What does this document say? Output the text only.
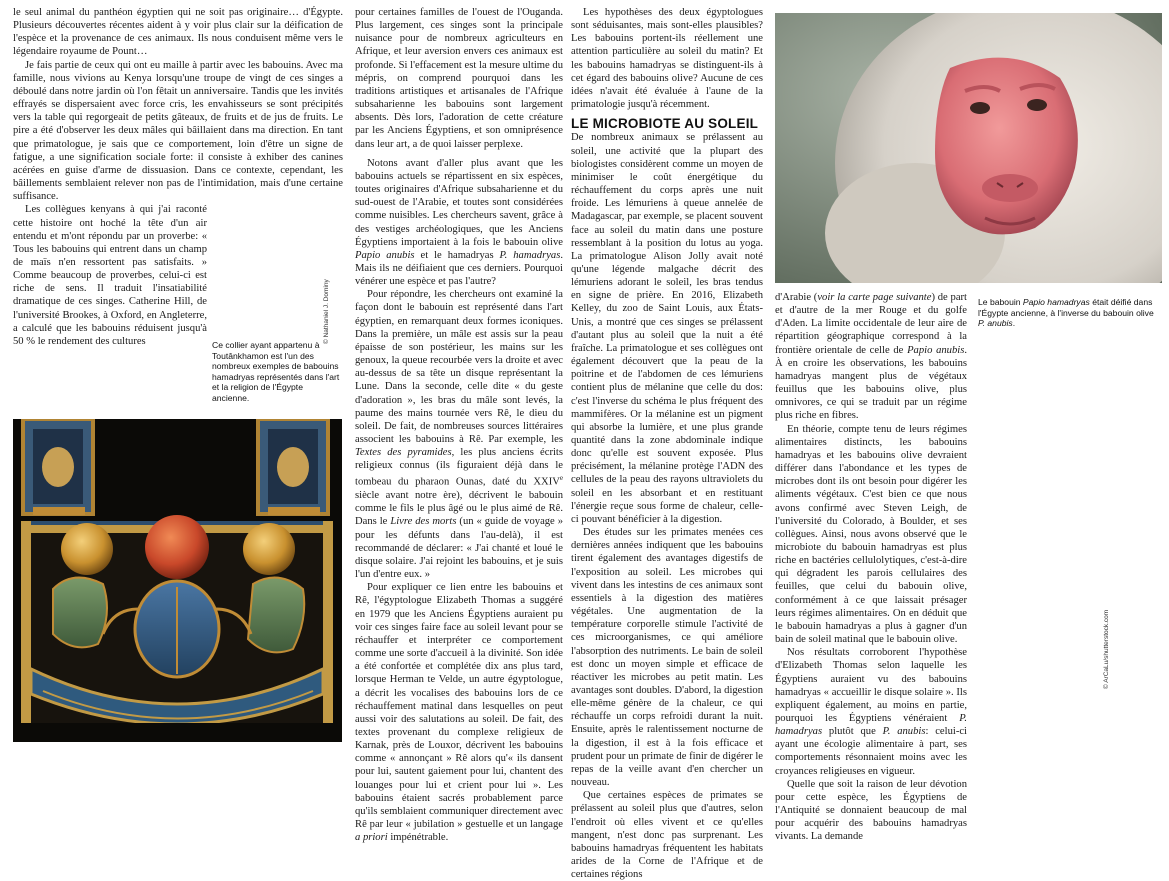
le seul animal du panthéon égyptien qui ne soit pas originaire… d'Égypte. Plusieurs découvertes récentes aident à y voir plus clair sur la déification de l'espèce et la provenance de ces animaux. Ils nous conduisent même vers le légendaire royaume de Pount…

Je fais partie de ceux qui ont eu maille à partir avec les babouins. Avec ma famille, nous vivions au Kenya lorsqu'une troupe de vingt de ces singes a déboulé dans notre jardin où l'on fêtait un anniversaire. Tandis que les invités effrayés se dispersaient avec force cris, les envahisseurs se sont précipités vers la table qui regorgeait de petits gâteaux, de fruits et de jus de fruits. Le pire a été d'observer les deux mâles qui bâillaient dans ma direction. En tant que primatologue, je sais que ce comportement, loin d'être un signe de fatigue, a une signification sociale forte: il consiste à exhiber des canines acérées en guise d'arme de dissuasion. Dans ce contexte, cependant, les bâillements semblaient relever non pas de l'intimidation, mais d'une certaine suffisance.

Les collègues kenyans à qui j'ai raconté cette histoire ont hoché la tête d'un air entendu et m'ont répondu par un proverbe: « Tous les babouins qui entrent dans un champ de maïs n'en ressortent pas satisfaits. » Comme beaucoup de proverbes, celui-ci est riche de sens. Il traduit l'insatiabilité dramatique de ces singes. Catherine Hill, de l'université Brookes, à Oxford, en Angleterre, a calculé que les babouins réduisent jusqu'à 50 % le rendement des cultures	Ce collier ayant appartenu à Toutânkhamon est l'un des nombreux exemples de babouins hamadryas représentés dans l'art et la religion de l'Égypte ancienne.
© Nathaniel J. Dominy

pour certaines familles de l'ouest de l'Ouganda. Plus largement, ces singes sont la principale nuisance pour de nombreux agriculteurs en Afrique, et leur aversion envers ces animaux est profonde. Si l'effacement est la mesure ultime du mépris, on comprend pourquoi dans les traditions artistiques et artisanales de l'Afrique subsaharienne les babouins sont largement absents. Dès lors, l'adoration de cette créature par les Anciens Égyptiens, et son omniprésence dans leur art, a de quoi laisser perplexe.

Notons avant d'aller plus avant que les babouins actuels se répartissent en six espèces, toutes originaires d'Afrique subsaharienne et du sud-ouest de l'Arabie, et toutes sont considérées comme nuisibles. Les chercheurs savent, grâce à des vestiges archéologiques, que les Anciens Égyptiens importaient à la fois le babouin olive Papio anubis et le hamadryas P. hamadryas. Mais ils ne déifiaient que ces derniers. Pourquoi vénérer une espèce et pas l'autre?

Pour répondre, les chercheurs ont examiné la façon dont le babouin est représenté dans l'art égyptien, en remarquant deux formes iconiques. Dans la première, un mâle est assis sur la peau épaisse de son postérieur, les mains sur les genoux, la queue recourbée vers la droite et avec au-dessus de sa tête un disque représentant la Lune. Dans la seconde, celle dite « du geste d'adoration », les bras du mâle sont levés, la paume des mains tournée vers Rê, le dieu du soleil. De fait, de nombreuses sources littéraires associent les babouins à Rê. Par exemple, les Textes des pyramides, les plus anciens écrits religieux connus (ils figuraient déjà dans le tombeau du pharaon Ounas, daté du XXIVe siècle avant notre ère), décrivent le babouin comme le fils le plus âgé ou le plus aimé de Rê. Dans le Livre des morts (un « guide de voyage » pour les défunts dans l'au-delà), il est recommandé de déclarer: « J'ai chanté et loué le disque solaire. J'ai rejoint les babouins, et je suis l'un d'entre eux. »

Pour expliquer ce lien entre les babouins et Rê, l'égyptologue Elizabeth Thomas a suggéré en 1979 que les Anciens Égyptiens auraient pu voir ces singes faire face au soleil levant pour se réchauffer et interpréter ce comportement comme une sorte d'accueil à la divinité. Son idée a été confortée et complétée dix ans plus tard, lorsque Herman te Velde, un autre égyptologue, a décrit les vocalises des babouins lors de ce réchauffement matinal dans lesquelles on peut aussi voir des salutations au soleil. De fait, des textes provenant du complexe religieux de Karnak, près de Louxor, décrivent les babouins comme « annonçant » Rê alors qu'« ils dansent pour lui, sautent gaiement pour lui, chantent des louanges pour lui et crient pour lui ». Les babouins étaient sacrés probablement parce qu'ils semblaient communiquer directement avec Rê par leur « jubilation » gestuelle et un langage a priori impénétrable.

Les hypothèses des deux égyptologues sont séduisantes, mais sont-elles plausibles? Les babouins portent-ils réellement une attention particulière au soleil du matin? Et les babouins hamadryas se distinguent-ils à cet égard des babouins olive? Aucune de ces idées n'avait été évaluée à l'aune de la primatologie jusqu'à récemment.

LE MICROBIOTE AU SOLEIL

De nombreux animaux se prélassent au soleil, une activité que la plupart des biologistes considèrent comme un moyen de minimiser le coût énergétique du réchauffement du corps après une nuit froide. Les lémuriens à queue annelée de Madagascar, par exemple, se placent souvent face au soleil du matin dans une posture ressemblant à la position du lotus au yoga. La primatologue Alison Jolly avait noté qu'une légende malgache décrit des lémuriens adorant le soleil, les bras tendus en signe de prière. En 2016, Elizabeth Kelley, du zoo de Saint Louis, aux États-Unis, a montré que ces singes se prélassent d'autant plus au soleil que la nuit a été fraîche. La primatologue et ses collègues ont également découvert que la peau de la poitrine et de l'abdomen de ces lémuriens contient plus de mélanine que celle du dos: c'est l'inverse du schéma le plus fréquent des mammifères. Or la mélanine est un pigment qui absorbe la lumière, et une plus grande quantité dans la zone abdominale indique donc qu'elle est souvent exposée. Plus précisément, la mélanine protège l'ADN des cellules de la peau des rayons ultraviolets du soleil en les absorbant et en restituant l'énergie reçue sous forme de chaleur, celle-ci pouvant bénéficier à la digestion.

Des études sur les primates menées ces dernières années indiquent que les babouins tirent également des avantages digestifs de l'exposition au soleil. Les microbes qui vivent dans les intestins de ces animaux sont essentiels à la digestion des matières végétales. Une augmentation de la température corporelle stimule l'activité de ces microorganismes, ce qui améliore l'absorption des nutriments. Le bain de soleil est donc un moyen simple et efficace de réactiver les microbes au petit matin. Les avantages sont doubles. D'abord, la digestion elle-même génère de la chaleur, ce qui réchauffe un corps refroidi durant la nuit. Ensuite, après le ralentissement nocturne de la digestion, il est à la fois efficace et prudent pour un primate de finir de digérer le repas de la veille avant d'en chercher un nouveau.

Que certaines espèces de primates se prélassent au soleil plus que d'autres, selon l'endroit où elles vivent et ce qu'elles mangent, n'est donc pas surprenant. Les babouins hamadryas fréquentent les habitats arides de la Corne de l'Afrique et de certaines régions

Le babouin Papio hamadryas était déifié dans l'Égypte ancienne, à l'inverse du babouin olive P. anubis.
© ArCaLu/shutterstock.com

d'Arabie (voir la carte page suivante) de part et d'autre de la mer Rouge et du golfe d'Aden. La limite occidentale de leur aire de répartition géographique correspond à la frontière orientale de celle de Papio anubis. À en croire les observations, les babouins hamadryas mangent plus de végétaux feuillus que les babouins olive, plus omnivores, ce qui se traduit par un régime plus riche en fibres.

En théorie, compte tenu de leurs régimes alimentaires distincts, les babouins hamadryas et les babouins olive devraient différer dans l'abondance et les types de microbes dont ils ont besoin pour digérer les aliments végétaux. C'est bien ce que nous avons confirmé avec Steven Leigh, de l'université du Colorado, à Boulder, et ses collègues. Ainsi, nous avons observé que le microbiote du babouin hamadryas est plus riche en bactéries cellulolytiques, c'est-à-dire qui dégradent les parois cellulaires des feuilles, que celui du babouin olive, conformément à ce que laissait présager leurs régimes alimentaires. On en déduit que le babouin hamadryas a plus à gagner d'un bain de soleil matinal que le babouin olive.

Nos résultats corroborent l'hypothèse d'Elizabeth Thomas selon laquelle les Égyptiens auraient vu des babouins hamadryas « accueillir le disque solaire ». Ils expliquent également, au moins en partie, pourquoi les Égyptiens vénéraient P. hamadryas plutôt que P. anubis: celui-ci ayant une écologie alimentaire à part, ses comportements résonnaient moins avec les croyances religieuses en vigueur.

Quelle que soit la raison de leur dévotion pour cette espèce, les Égyptiens de l'Antiquité se donnaient beaucoup de mal pour acquérir des babouins hamadryas vivants. La demande
